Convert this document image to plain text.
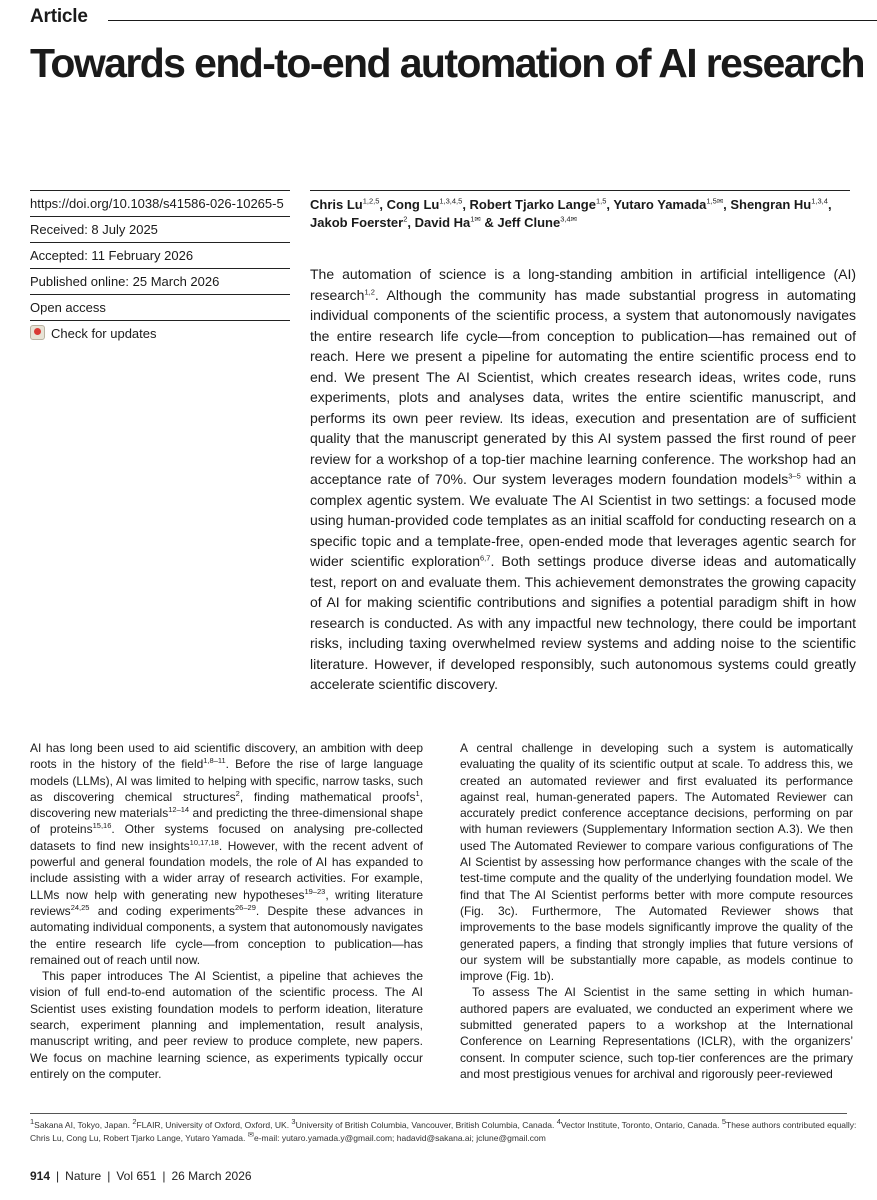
Article
Towards end-to-end automation of AI research
https://doi.org/10.1038/s41586-026-10265-5
Received: 8 July 2025
Accepted: 11 February 2026
Published online: 25 March 2026
Open access
Check for updates
Chris Lu$^{1,2,5}$, Cong Lu$^{1,3,4,5}$, Robert Tjarko Lange$^{1,5}$, Yutaro Yamada$^{1,5✉}$, Shengran Hu$^{1,3,4}$, Jakob Foerster$^2$, David $Ha^{1✉}$ & Jeff Clune$^{3,4✉}$
The automation of science is a long-standing ambition in artificial intelligence (AI) research$^{1,2}$. Although the community has made substantial progress in automating individual components of the scientific process, a system that autonomously navigates the entire research life cycle—from conception to publication—has remained out of reach. Here we present a pipeline for automating the entire scientific process end to end. We present The AI Scientist, which creates research ideas, writes code, runs experiments, plots and analyses data, writes the entire scientific manuscript, and performs its own peer review. Its ideas, execution and presentation are of sufficient quality that the manuscript generated by this AI system passed the first round of peer review for a workshop of a top-tier machine learning conference. The workshop had an acceptance rate of 70%. Our system leverages modern foundation models$^{3-5}$ within a complex agentic system. We evaluate The AI Scientist in two settings: a focused mode using human-provided code templates as an initial scaffold for conducting research on a specific topic and a template-free, open-ended mode that leverages agentic search for wider scientific exploration$^{6,7}$. Both settings produce diverse ideas and automatically test, report on and evaluate them. This achievement demonstrates the growing capacity of AI for making scientific contributions and signifies a potential paradigm shift in how research is conducted. As with any impactful new technology, there could be important risks, including taxing overwhelmed review systems and adding noise to the scientific literature. However, if developed responsibly, such autonomous systems could greatly accelerate scientific discovery.

AI has long been used to aid scientific discovery, an ambition with deep roots in the history of the field$^{1,8-11}$. Before the rise of large language models (LLMs), AI was limited to helping with specific, narrow tasks, such as discovering chemical structures$^2$, finding mathematical proofs$^1$, discovering new materials$^{12-14}$ and predicting the three-dimensional shape of proteins$^{15,16}$. Other systems focused on analysing pre-collected datasets to find new insights$^{10,17,18}$. However, with the recent advent of powerful and general foundation models, the role of AI has expanded to include assisting with a wider array of research activities. For example, LLMs now help with generating new hypotheses$^{19-23}$, writing literature reviews$^{24,25}$ and coding experiments$^{26-29}$. Despite these advances in automating individual components, a system that autonomously navigates the entire research life cycle—from conception to publication—has remained out of reach until now.

This paper introduces The AI Scientist, a pipeline that achieves the vision of full end-to-end automation of the scientific process. The AI Scientist uses existing foundation models to perform ideation, literature search, experiment planning and implementation, result analysis, manuscript writing, and peer review to produce complete, new papers. We focus on machine learning science, as experiments typically occur entirely on the computer.

A central challenge in developing such a system is automatically evaluating the quality of its scientific output at scale. To address this, we created an automated reviewer and first evaluated its performance against real, human-generated papers. The Automated Reviewer can accurately predict conference acceptance decisions, performing on par with human reviewers (Supplementary Information section A.3). We then used The Automated Reviewer to compare various configurations of The AI Scientist by assessing how performance changes with the scale of the test-time compute and the quality of the underlying foundation model. We find that The AI Scientist performs better with more compute resources (Fig. 3c). Furthermore, The Automated Reviewer shows that improvements to the base models significantly improve the quality of the generated papers, a finding that strongly implies that future versions of our system will be substantially more capable, as models continue to improve (Fig. 1b).

To assess The AI Scientist in the same setting in which human-authored papers are evaluated, we conducted an experiment where we submitted generated papers to a workshop at the International Conference on Learning Representations (ICLR), with the organizers’ consent. In computer science, such top-tier conferences are the primary and most prestigious venues for archival and rigorously peer-reviewed

$^1$Sakana AI, Tokyo, Japan. $^2$FLAIR, University of Oxford, Oxford, UK. $^3$University of British Columbia, Vancouver, British Columbia, Canada. $^4$Vector Institute, Toronto, Ontario, Canada. $^5$These authors contributed equally: Chris Lu, Cong Lu, Robert Tjarko Lange, Yutaro Yamada. ✉e-mail: yutaro.yamada.y@gmail.com; hadavid@sakana.ai; jclune@gmail.com
914 | Nature | Vol 651 | 26 March 2026
